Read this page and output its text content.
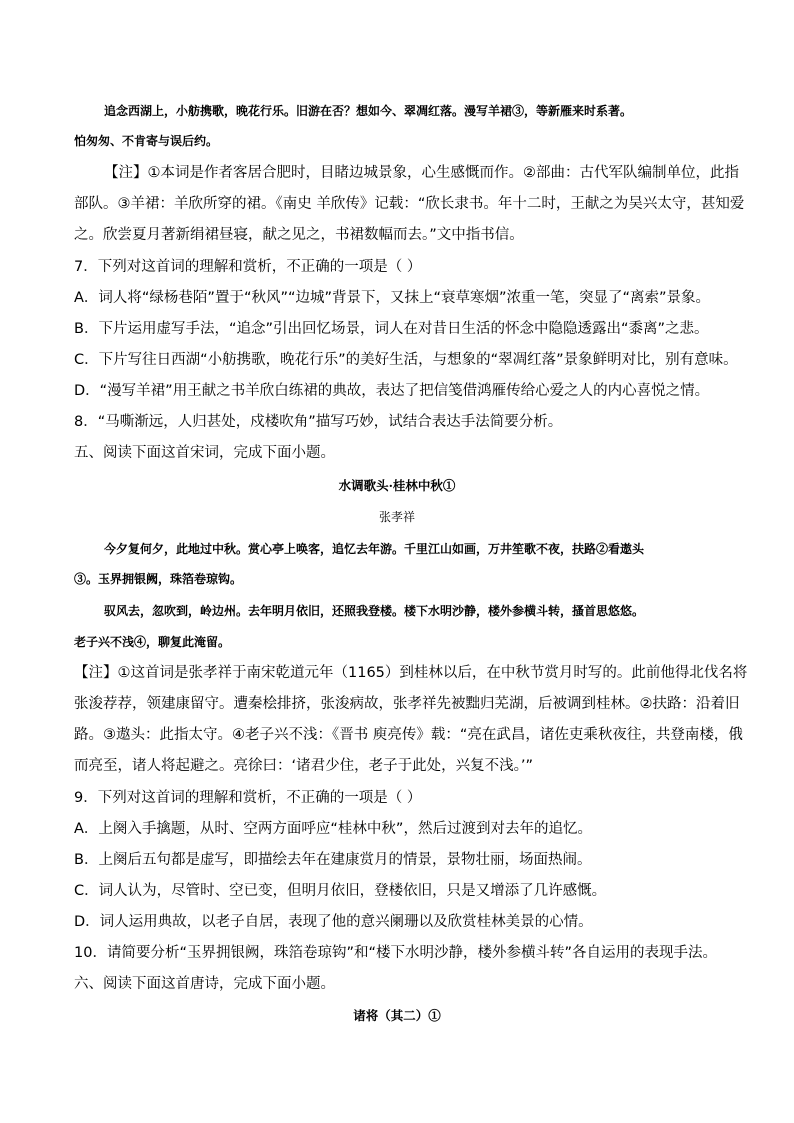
追念西湖上，小舫携歌，晚花行乐。旧游在否？想如今、翠凋红落。漫写羊裙③，等新雁来时系著。
怕匆匆、不肯寄与误后约。
【注】①本词是作者客居合肥时，目睹边城景象，心生感慨而作。②部曲：古代军队编制单位，此指
部队。③羊裙：羊欣所穿的裙。《南史 羊欣传》记载：“欣长隶书。年十二时，王献之为吴兴太守，甚知爱
之。欣尝夏月著新绢裙昼寝，献之见之，书裙数幅而去。”文中指书信。
7．下列对这首词的理解和赏析，不正确的一项是（ ）
A．词人将“绿杨巷陌”置于“秋风”“边城”背景下，又抹上“衰草寒烟”浓重一笔，突显了“离索”景象。
B．下片运用虚写手法，“追念”引出回忆场景，词人在对昔日生活的怀念中隐隐透露出“黍离”之悲。
C．下片写往日西湖“小舫携歌，晚花行乐”的美好生活，与想象的“翠凋红落”景象鲜明对比，别有意味。
D．“漫写羊裙”用王献之书羊欣白练裙的典故，表达了把信笺借鸿雁传给心爱之人的内心喜悦之情。
8．“马嘶渐远，人归甚处，戍楼吹角”描写巧妙，试结合表达手法简要分析。
五、阅读下面这首宋词，完成下面小题。
水调歌头·桂林中秋①
张孝祥
今夕复何夕，此地过中秋。赏心亭上唤客，追忆去年游。千里江山如画，万井笙歌不夜，扶路②看遨头
③。玉界拥银阙，珠箔卷琼钩。
驭风去，忽吹到，岭边州。去年明月依旧，还照我登楼。楼下水明沙静，楼外参横斗转，搔首思悠悠。
老子兴不浅④，聊复此淹留。
【注】①这首词是张孝祥于南宋乾道元年（1165）到桂林以后，在中秋节赏月时写的。此前他得北伐名将
张浚荐荐，领建康留守。遭秦桧排挤，张浚病故，张孝祥先被黜归芜湖，后被调到桂林。②扶路：沿着旧
路。③遨头：此指太守。④老子兴不浅：《晋书 庾亮传》载：“亮在武昌，诸佐吏乘秋夜往，共登南楼，俄
而亮至，诸人将起避之。亮徐曰：‘诸君少住，老子于此处，兴复不浅。’”
9．下列对这首词的理解和赏析，不正确的一项是（ ）
A．上阕入手擒题，从时、空两方面呼应“桂林中秋”，然后过渡到对去年的追忆。
B．上阕后五句都是虚写，即描绘去年在建康赏月的情景，景物壮丽，场面热闹。
C．词人认为，尽管时、空已变，但明月依旧，登楼依旧，只是又增添了几许感慨。
D．词人运用典故，以老子自居，表现了他的意兴阑珊以及欣赏桂林美景的心情。
10．请简要分析“玉界拥银阙，珠箔卷琼钩”和“楼下水明沙静，楼外参横斗转”各自运用的表现手法。
六、阅读下面这首唐诗，完成下面小题。
诸将（其二）①
